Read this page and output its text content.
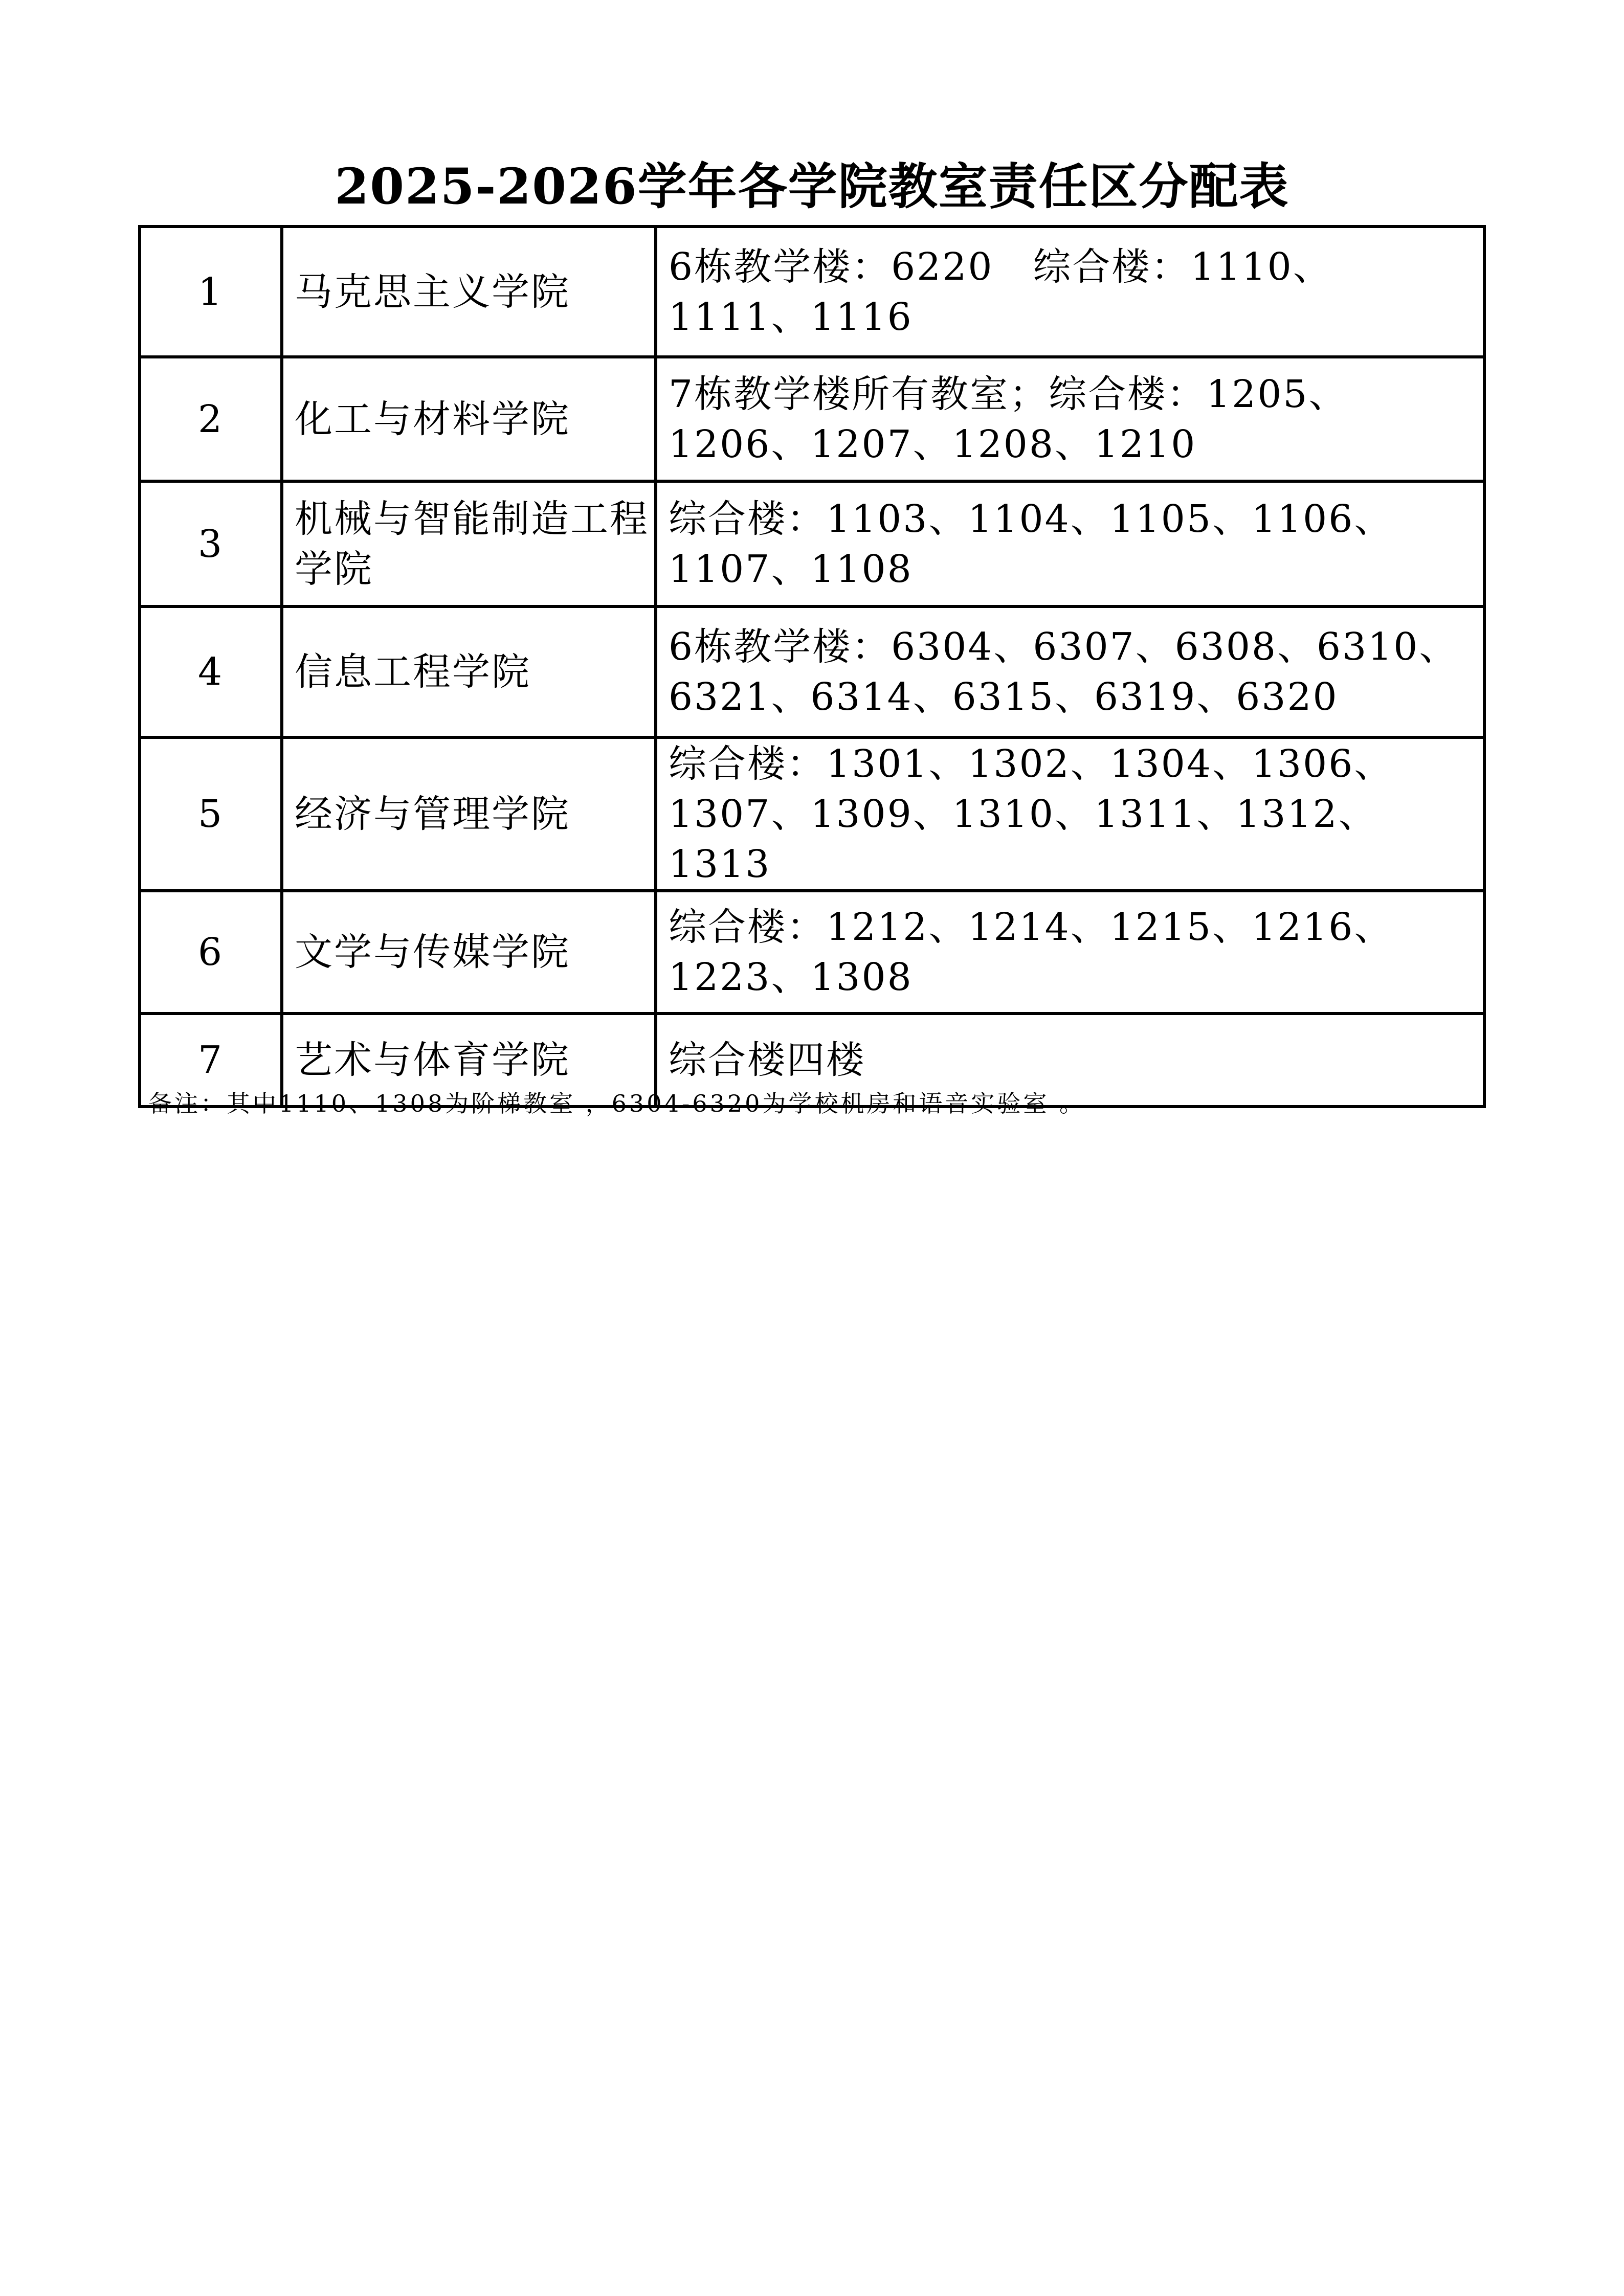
2025-2026学年各学院教室责任区分配表
1	马克思主义学院	6栋教学楼：6220　综合楼：1110、1111、1116
2	化工与材料学院	7栋教学楼所有教室；综合楼：1205、1206、1207、1208、1210
3	机械与智能制造工程学院	综合楼：1103、1104、1105、1106、1107、1108
4	信息工程学院	6栋教学楼：6304、6307、6308、6310、6321、6314、6315、6319、6320
5	经济与管理学院	综合楼：1301、1302、1304、1306、1307、1309、1310、1311、1312、1313
6	文学与传媒学院	综合楼：1212、1214、1215、1216、1223、1308
7	艺术与体育学院	综合楼四楼
备注：其中1110、1308为阶梯教室 ，6304-6320为学校机房和语音实验室 。
